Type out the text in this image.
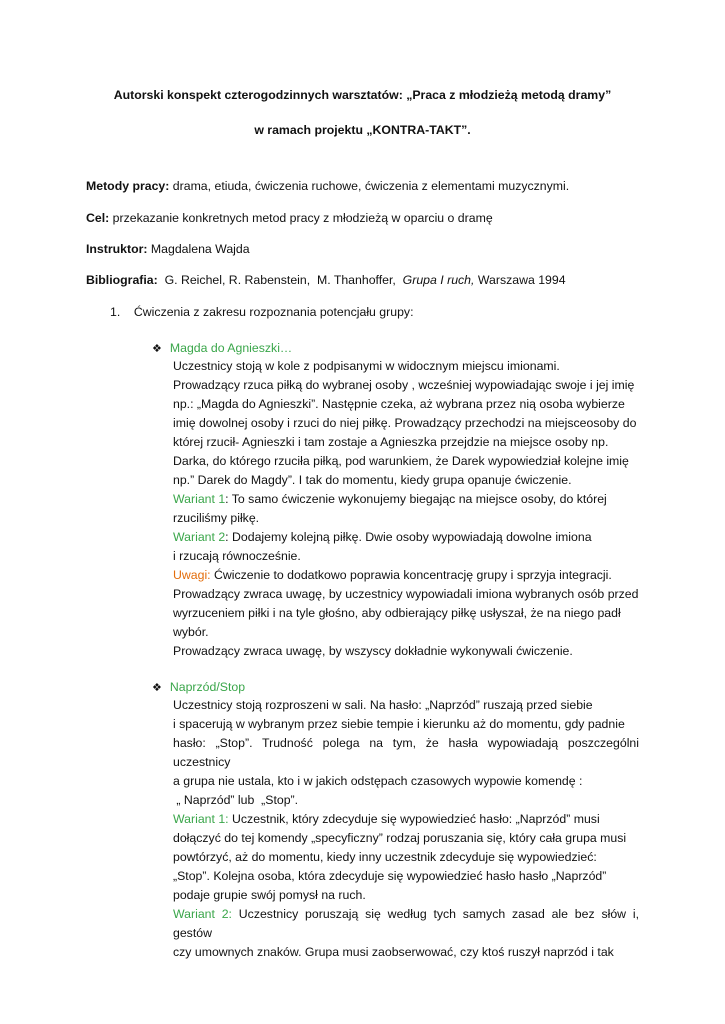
Autorski konspekt czterogodzinnych warsztatów: „Praca z młodzieżą metodą dramy”
w ramach projektu „KONTRA-TAKT”.
Metody pracy: drama, etiuda, ćwiczenia ruchowe, ćwiczenia z elementami muzycznymi.
Cel: przekazanie konkretnych metod pracy z młodzieżą w oparciu o dramę
Instruktor: Magdalena Wajda
Bibliografia:  G. Reichel, R. Rabenstein,  M. Thanhoffer,  Grupa I ruch, Warszawa 1994
1.    Ćwiczenia z zakresu rozpoznania potencjału grupy:
❖ Magda do Agnieszki…
Uczestnicy stoją w kole z podpisanymi w widocznym miejscu imionami.
Prowadzący rzuca piłką do wybranej osoby , wcześniej wypowiadając swoje i jej imię
np.: „Magda do Agnieszki”. Następnie czeka, aż wybrana przez nią osoba wybierze
imię dowolnej osoby i rzuci do niej piłkę. Prowadzący przechodzi na miejsceosoby do
której rzucił- Agnieszki i tam zostaje a Agnieszka przejdzie na miejsce osoby np.
Darka, do którego rzuciła piłką, pod warunkiem, że Darek wypowiedział kolejne imię
np.” Darek do Magdy”. I tak do momentu, kiedy grupa opanuje ćwiczenie.
Wariant 1: To samo ćwiczenie wykonujemy biegając na miejsce osoby, do której
rzuciliśmy piłkę.
Wariant 2: Dodajemy kolejną piłkę. Dwie osoby wypowiadają dowolne imiona
i rzucają równocześnie.
Uwagi: Ćwiczenie to dodatkowo poprawia koncentrację grupy i sprzyja integracji.
Prowadzący zwraca uwagę, by uczestnicy wypowiadali imiona wybranych osób przed
wyrzuceniem piłki i na tyle głośno, aby odbierający piłkę usłyszał, że na niego padł
wybór.
Prowadzący zwraca uwagę, by wszyscy dokładnie wykonywali ćwiczenie.
❖ Naprzód/Stop
Uczestnicy stoją rozproszeni w sali. Na hasło: „Naprzód” ruszają przed siebie
i spacerują w wybranym przez siebie tempie i kierunku aż do momentu, gdy padnie
hasło: „Stop”. Trudność polega na tym, że hasła wypowiadają poszczególni uczestnicy
a grupa nie ustala, kto i w jakich odstępach czasowych wypowie komendę :
„ Naprzód” lub  „Stop”.
Wariant 1: Uczestnik, który zdecyduje się wypowiedzieć hasło: „Naprzód” musi
dołączyć do tej komendy „specyficzny” rodzaj poruszania się, który cała grupa musi
powtórzyć, aż do momentu, kiedy inny uczestnik zdecyduje się wypowiedzieć:
„Stop”. Kolejna osoba, która zdecyduje się wypowiedzieć hasło hasło „Naprzód”
podaje grupie swój pomysł na ruch.
Wariant 2: Uczestnicy poruszają się według tych samych zasad ale bez słów i, gestów
czy umownych znaków. Grupa musi zaobserwować, czy ktoś ruszył naprzód i tak
